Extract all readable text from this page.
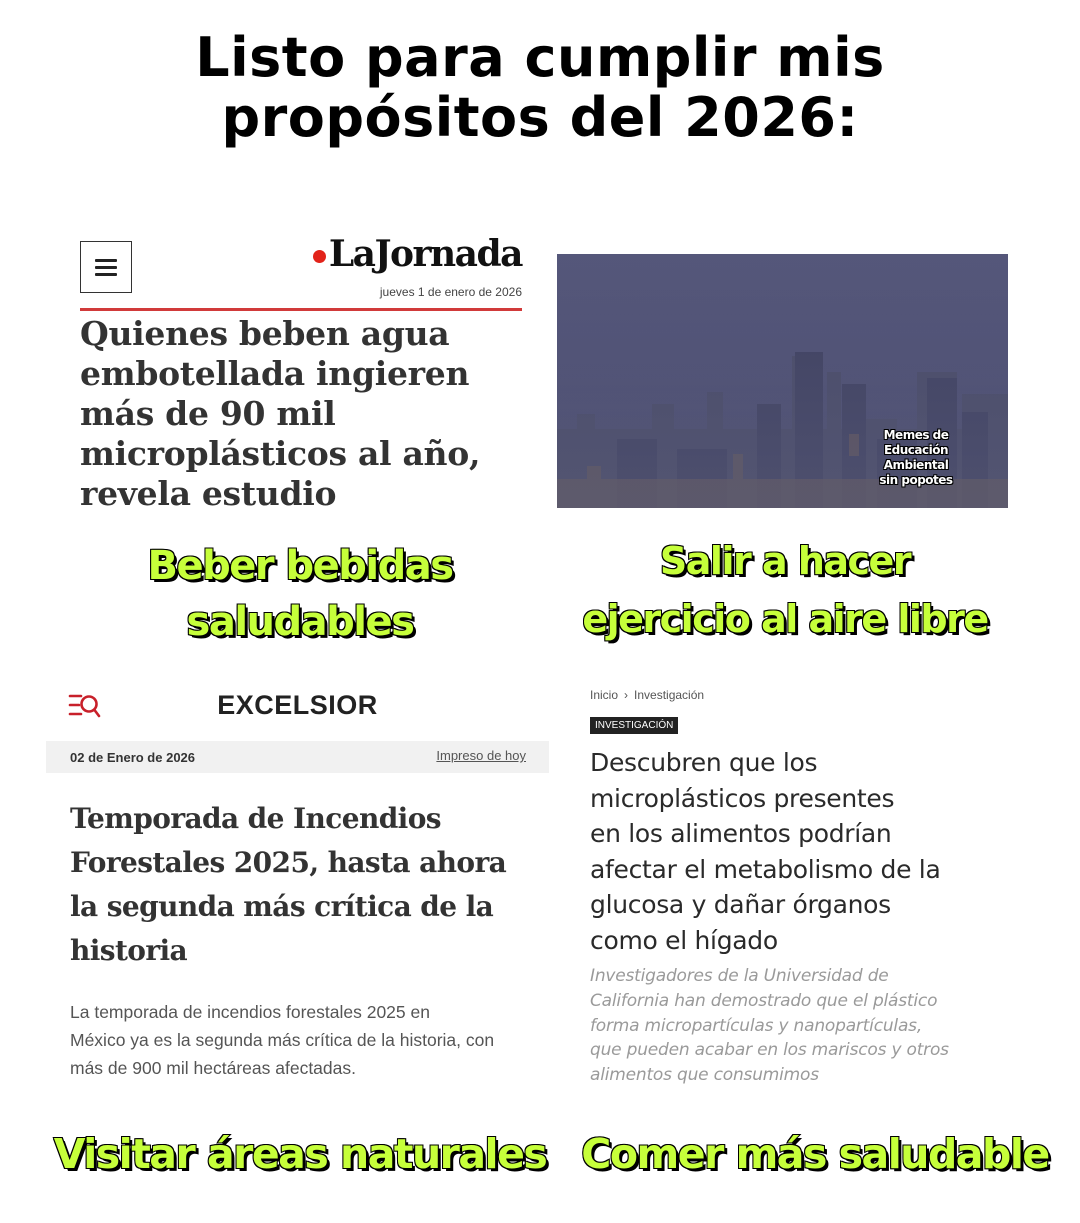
Listo para cumplir mis
propósitos del 2026:
LaJornada
jueves 1 de enero de 2026
Quienes beben agua
embotellada ingieren
más de 90 mil
microplásticos al año,
revela estudio
Beber bebidas
saludables
Memes de
Educación
Ambiental
sin popotes
Salir a hacer
ejercicio al aire libre
EXCELSIOR
02 de Enero de 2026	Impreso de hoy
Temporada de Incendios
Forestales 2025, hasta ahora
la segunda más crítica de la
historia
La temporada de incendios forestales 2025 en
México ya es la segunda más crítica de la historia, con
más de 900 mil hectáreas afectadas.
Visitar áreas naturales
Inicio › Investigación
INVESTIGACIÓN
Descubren que los
microplásticos presentes
en los alimentos podrían
afectar el metabolismo de la
glucosa y dañar órganos
como el hígado
Investigadores de la Universidad de
California han demostrado que el plástico
forma micropartículas y nanopartículas,
que pueden acabar en los mariscos y otros
alimentos que consumimos
Comer más saludable
